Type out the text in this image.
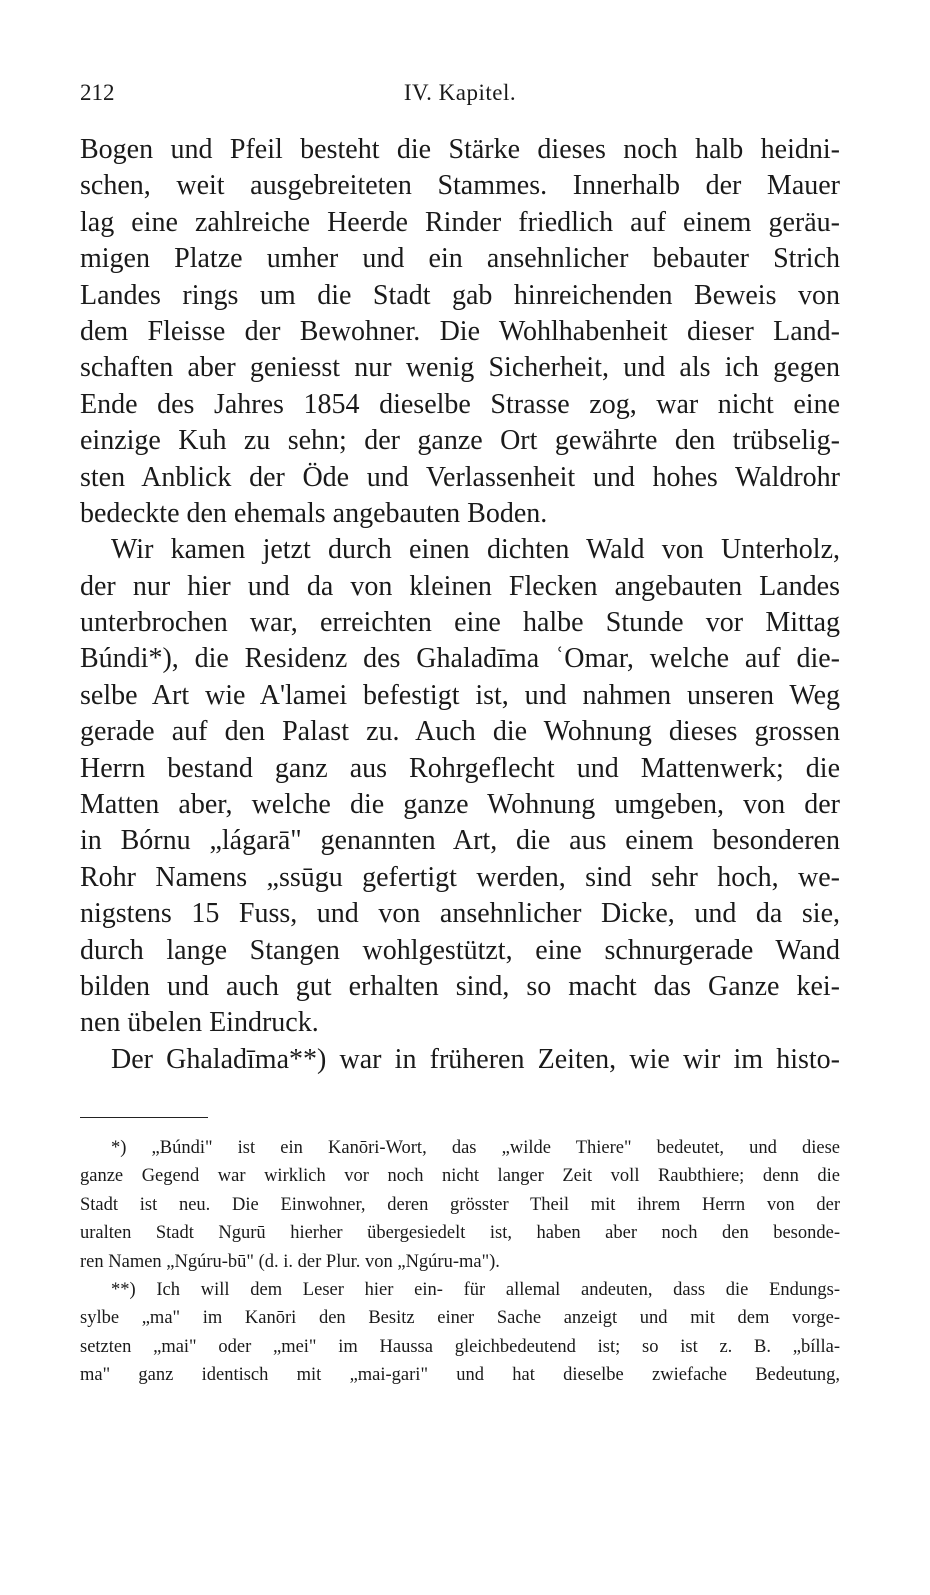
212	IV. Kapitel.
Bogen und Pfeil besteht die Stärke dieses noch halb heidni-
schen, weit ausgebreiteten Stammes. Innerhalb der Mauer
lag eine zahlreiche Heerde Rinder friedlich auf einem geräu-
migen Platze umher und ein ansehnlicher bebauter Strich
Landes rings um die Stadt gab hinreichenden Beweis von
dem Fleisse der Bewohner. Die Wohlhabenheit dieser Land-
schaften aber geniesst nur wenig Sicherheit, und als ich gegen
Ende des Jahres 1854 dieselbe Strasse zog, war nicht eine
einzige Kuh zu sehn; der ganze Ort gewährte den trübselig-
sten Anblick der Öde und Verlassenheit und hohes Waldrohr
bedeckte den ehemals angebauten Boden.
Wir kamen jetzt durch einen dichten Wald von Unterholz,
der nur hier und da von kleinen Flecken angebauten Landes
unterbrochen war, erreichten eine halbe Stunde vor Mittag
Búndi*), die Residenz des Ghaladīma ʿOmar, welche auf die-
selbe Art wie A'lamei befestigt ist, und nahmen unseren Weg
gerade auf den Palast zu. Auch die Wohnung dieses grossen
Herrn bestand ganz aus Rohrgeflecht und Mattenwerk; die
Matten aber, welche die ganze Wohnung umgeben, von der
in Bórnu „lágarā" genannten Art, die aus einem besonderen
Rohr Namens „ssūgu gefertigt werden, sind sehr hoch, we-
nigstens 15 Fuss, und von ansehnlicher Dicke, und da sie,
durch lange Stangen wohlgestützt, eine schnurgerade Wand
bilden und auch gut erhalten sind, so macht das Ganze kei-
nen übelen Eindruck.
Der Ghaladīma**) war in früheren Zeiten, wie wir im histo-
*) „Búndi" ist ein Kanōri-Wort, das „wilde Thiere" bedeutet, und diese
ganze Gegend war wirklich vor noch nicht langer Zeit voll Raubthiere; denn die
Stadt ist neu. Die Einwohner, deren grösster Theil mit ihrem Herrn von der
uralten Stadt Ngurū hierher übergesiedelt ist, haben aber noch den besonde-
ren Namen „Ngúru-bū" (d. i. der Plur. von „Ngúru-ma").
**) Ich will dem Leser hier ein- für allemal andeuten, dass die Endungs-
sylbe „ma" im Kanōri den Besitz einer Sache anzeigt und mit dem vorge-
setzten „mai" oder „mei" im Haussa gleichbedeutend ist; so ist z. B. „bílla-
ma" ganz identisch mit „mai-gari" und hat dieselbe zwiefache Bedeutung,
